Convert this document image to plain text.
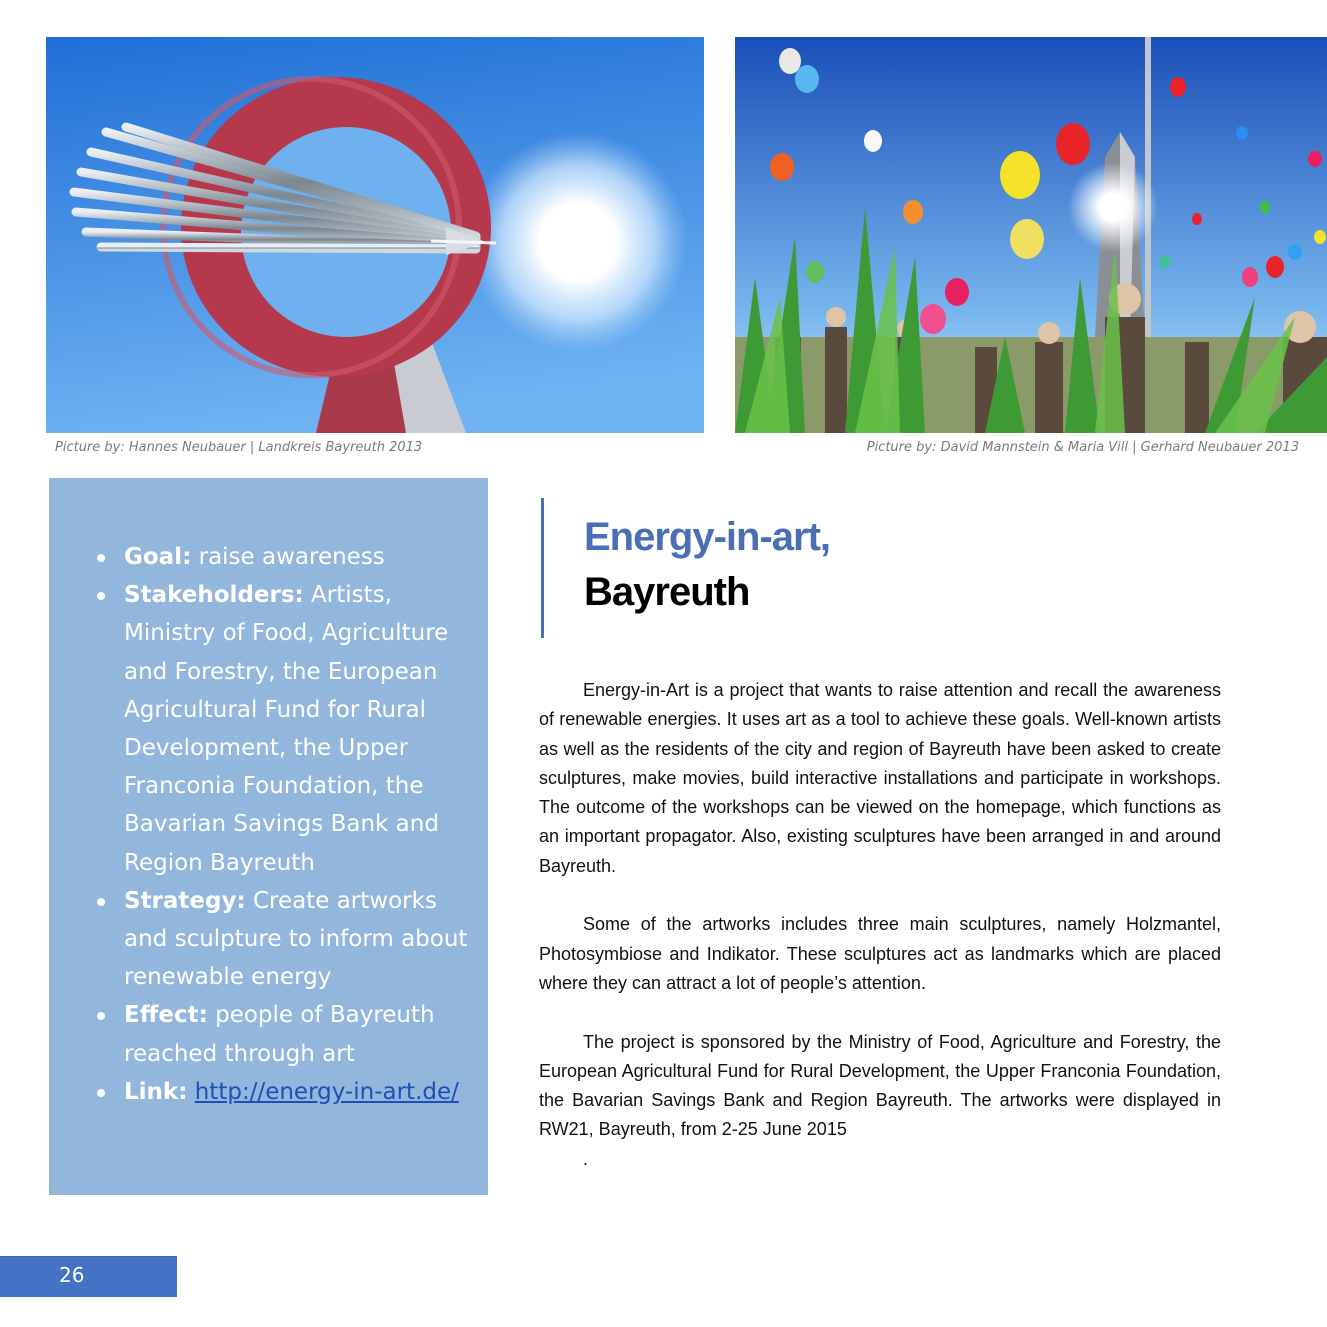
Picture by: Hannes Neubauer | Landkreis Bayreuth 2013	Picture by: David Mannstein & Maria Vill | Gerhard Neubauer 2013
Goal: raise awareness
Stakeholders: Artists, Ministry of Food, Agriculture and Forestry, the European Agricultural Fund for Rural Development, the Upper Franconia Foundation, the Bavarian Savings Bank and Region Bayreuth
Strategy: Create artworks and sculpture to inform about renewable energy
Effect: people of Bayreuth reached through art
Link: http://energy-in-art.de/
Energy-in-art,
Bayreuth

Energy-in-Art is a project that wants to raise attention and recall the awareness of renewable energies. It uses art as a tool to achieve these goals. Well-known artists as well as the residents of the city and region of Bayreuth have been asked to create sculptures, make movies, build interactive installations and participate in workshops. The outcome of the workshops can be viewed on the homepage, which functions as an important propagator. Also, existing sculptures have been arranged in and around Bayreuth.

Some of the artworks includes three main sculptures, namely Holzmantel, Photosymbiose and Indikator. These sculptures act as landmarks which are placed where they can attract a lot of people’s attention.

The project is sponsored by the Ministry of Food, Agriculture and Forestry, the European Agricultural Fund for Rural Development, the Upper Franconia Foundation, the Bavarian Savings Bank and Region Bayreuth. The artworks were displayed in RW21, Bayreuth, from 2-25 June 2015

.

26
